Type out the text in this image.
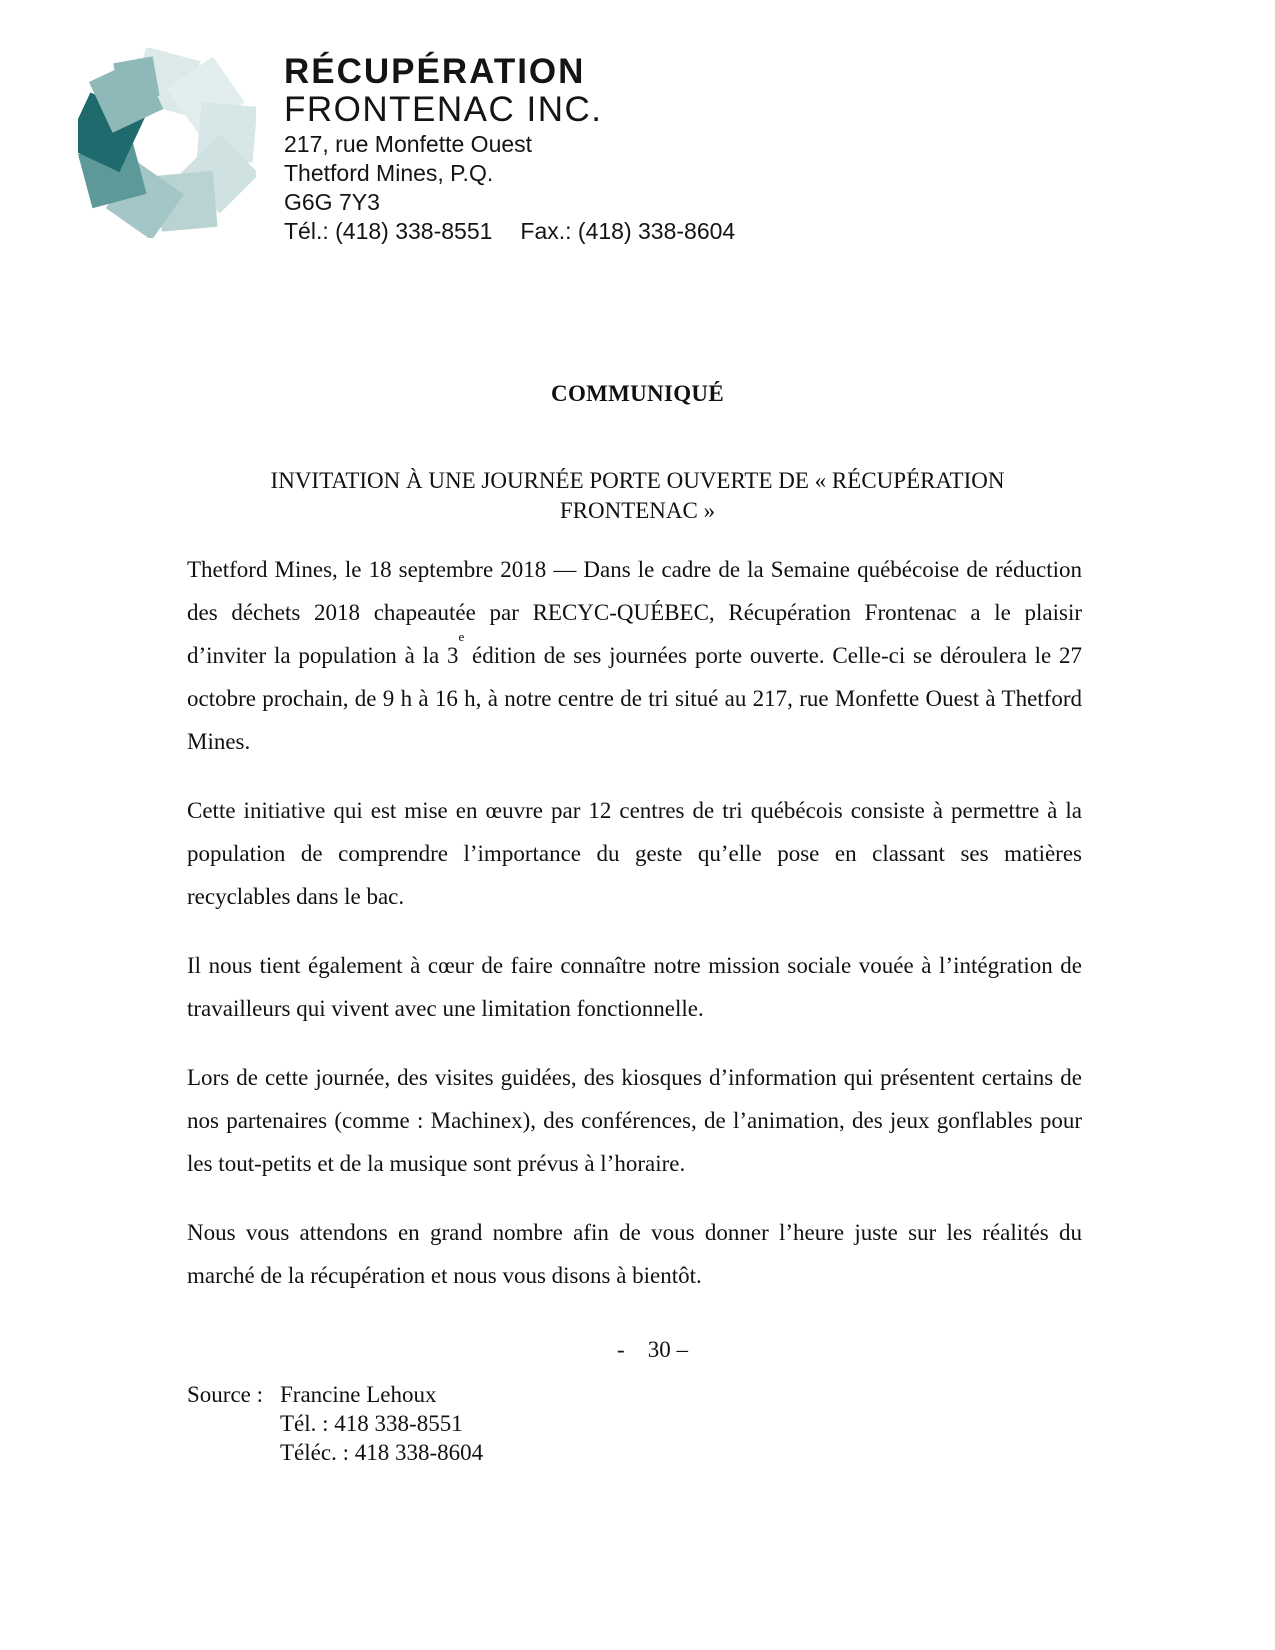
RÉCUPÉRATION
FRONTENAC INC.
217, rue Monfette Ouest
Thetford Mines, P.Q.
G6G 7Y3
Tél.: (418) 338-8551 Fax.: (418) 338-8604
COMMUNIQUÉ
INVITATION À UNE JOURNÉE PORTE OUVERTE DE « RÉCUPÉRATION
FRONTENAC »

Thetford Mines, le 18 septembre 2018 — Dans le cadre de la Semaine québécoise de réduction des déchets 2018 chapeautée par RECYC-QUÉBEC, Récupération Frontenac a le plaisir d’inviter la population à la 3e édition de ses journées porte ouverte. Celle-ci se déroulera le 27 octobre prochain, de 9 h à 16 h, à notre centre de tri situé au 217, rue Monfette Ouest à Thetford Mines.

Cette initiative qui est mise en œuvre par 12 centres de tri québécois consiste à permettre à la population de comprendre l’importance du geste qu’elle pose en classant ses matières recyclables dans le bac.

Il nous tient également à cœur de faire connaître notre mission sociale vouée à l’intégration de travailleurs qui vivent avec une limitation fonctionnelle.

Lors de cette journée, des visites guidées, des kiosques d’information qui présentent certains de nos partenaires (comme : Machinex), des conférences, de l’animation, des jeux gonflables pour les tout-petits et de la musique sont prévus à l’horaire.

Nous vous attendons en grand nombre afin de vous donner l’heure juste sur les réalités du marché de la récupération et nous vous disons à bientôt.

-    30 –
Source : Francine Lehoux
Tél. : 418 338-8551
Téléc. : 418 338-8604
